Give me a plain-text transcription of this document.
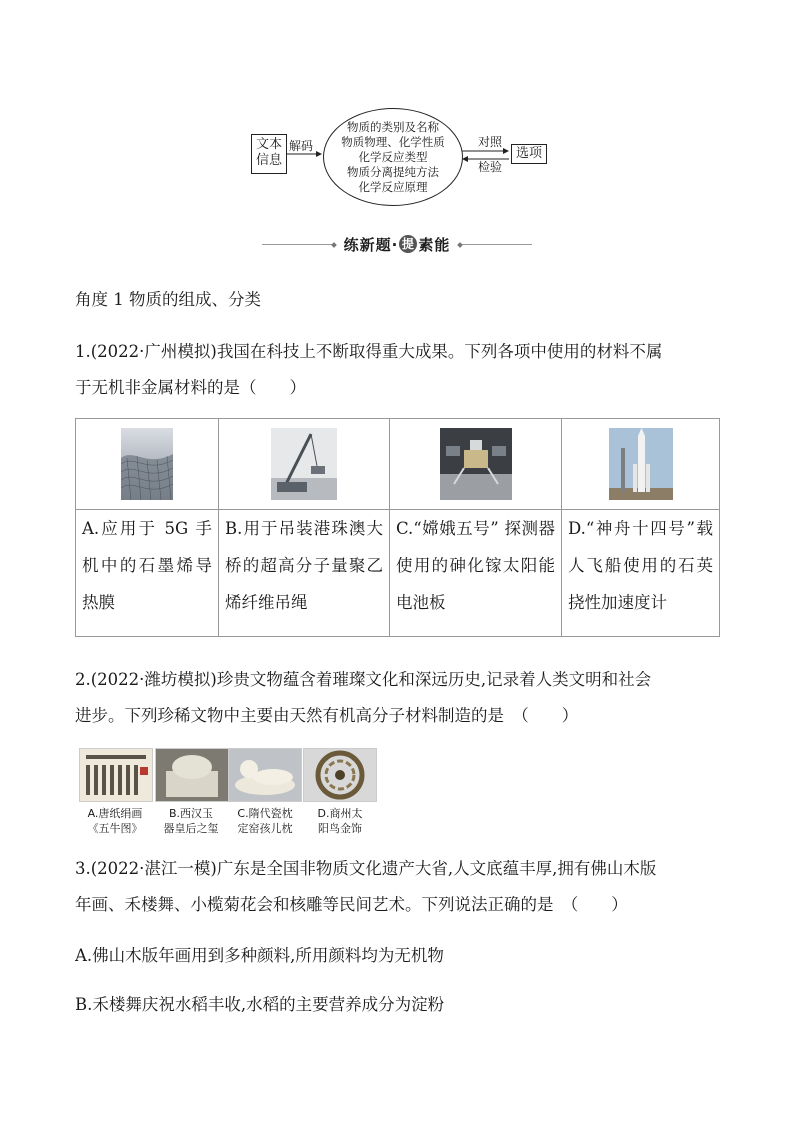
文本
信息
解码
物质的类别及名称
物质物理、化学性质
化学反应类型
物质分离提纯方法
化学反应原理
对照
检验
选项
练新题· 提 素能
角度 1 物质的组成、分类
1.(2022·广州模拟)我国在科技上不断取得重大成果。下列各项中使用的材料不属
于无机非金属材料的是（　　）

A.应用于 5G 手机中的石墨烯导热膜	B.用于吊装港珠澳大桥的超高分子量聚乙烯纤维吊绳	C.“嫦娥五号” 探测器使用的砷化镓太阳能电池板	D.“神舟十四号”载人飞船使用的石英挠性加速度计
2.(2022·潍坊模拟)珍贵文物蕴含着璀璨文化和深远历史,记录着人类文明和社会
进步。下列珍稀文物中主要由天然有机高分子材料制造的是　（　　）
A.唐纸绢画
《五牛图》
B.西汉玉
器皇后之玺
C.隋代瓷枕
定窑孩儿枕
D.商州太
阳鸟金饰
3.(2022·湛江一模)广东是全国非物质文化遗产大省,人文底蕴丰厚,拥有佛山木版
年画、禾楼舞、小榄菊花会和核雕等民间艺术。下列说法正确的是　（　　）
A.佛山木版年画用到多种颜料,所用颜料均为无机物
B.禾楼舞庆祝水稻丰收,水稻的主要营养成分为淀粉
